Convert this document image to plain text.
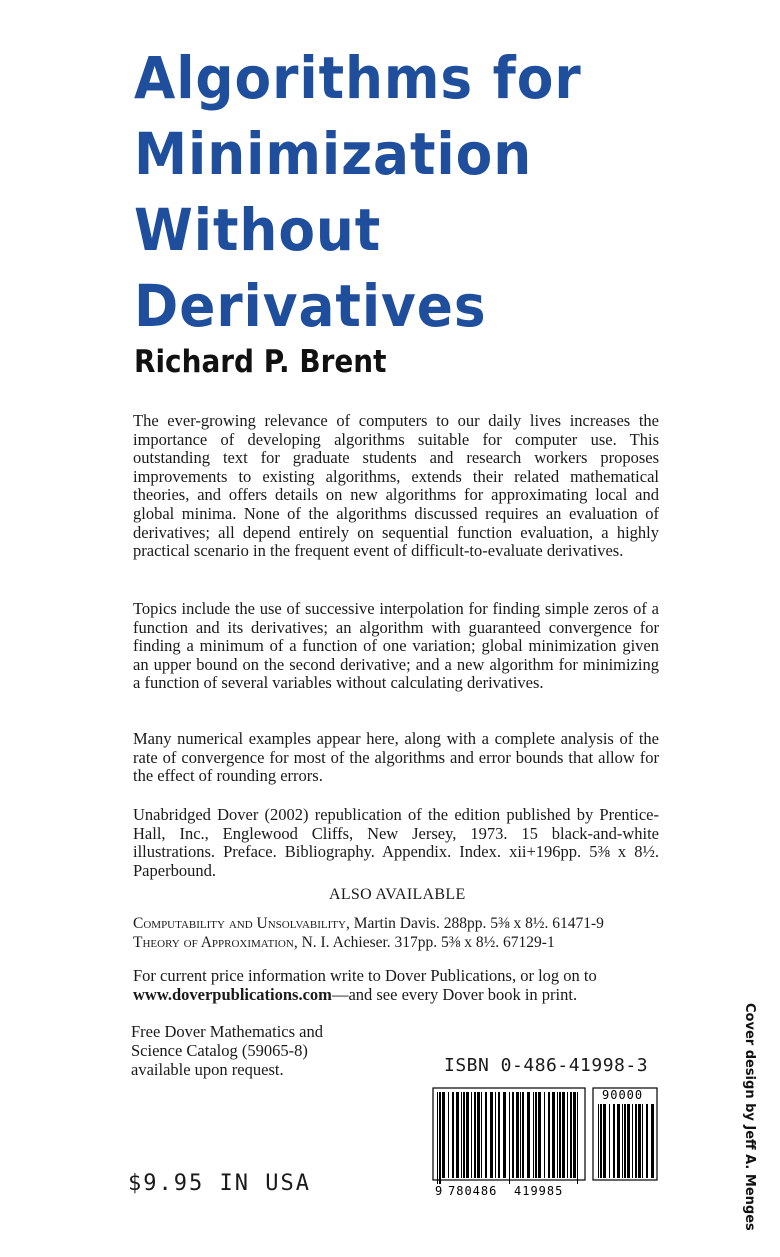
Algorithms for
Minimization
Without
Derivatives
Richard P. Brent
The ever-growing relevance of computers to our daily lives increases the importance of developing algorithms suitable for computer use. This outstanding text for graduate students and research workers proposes improvements to existing algorithms, extends their related mathematical theories, and offers details on new algorithms for approximating local and global minima. None of the algorithms discussed requires an evaluation of derivatives; all depend entirely on sequential function evaluation, a highly practical scenario in the frequent event of difficult-to-evaluate derivatives.
Topics include the use of successive interpolation for finding simple zeros of a function and its derivatives; an algorithm with guaranteed convergence for finding a minimum of a function of one variation; global minimization given an upper bound on the second derivative; and a new algorithm for minimizing a function of several variables without calculating derivatives.
Many numerical examples appear here, along with a complete analysis of the rate of convergence for most of the algorithms and error bounds that allow for the effect of rounding errors.
Unabridged Dover (2002) republication of the edition published by Prentice-Hall, Inc., Englewood Cliffs, New Jersey, 1973. 15 black-and-white illustrations. Preface. Bibliography. Appendix. Index. xii+196pp. 5⅜ x 8½. Paperbound.
ALSO AVAILABLE
Computability and Unsolvability, Martin Davis. 288pp. 5⅜ x 8½. 61471-9
Theory of Approximation, N. I. Achieser. 317pp. 5⅜ x 8½. 67129-1
For current price information write to Dover Publications, or log on to www.doverpublications.com—and see every Dover book in print.
Free Dover Mathematics and
Science Catalog (59065-8)
available upon request.	ISBN 0-486-41998-3
9 780486 419985
90000
$9.95 IN USA	Cover design by Jeff A. Menges
